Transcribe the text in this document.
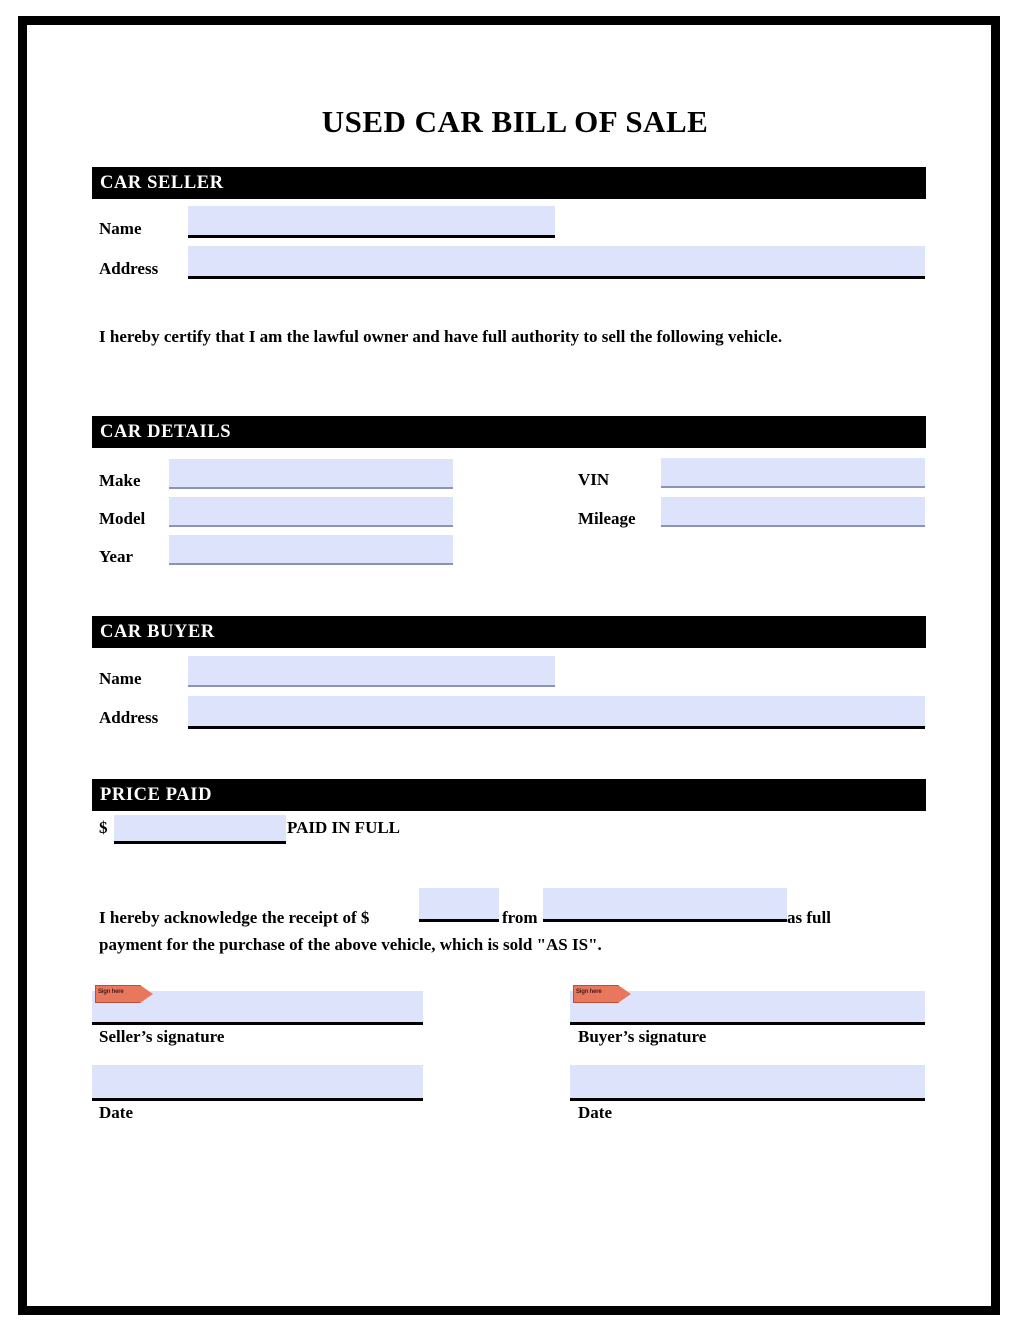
USED CAR BILL OF SALE
CAR SELLER
Name
Address
I hereby certify that I am the lawful owner and have full authority to sell the following vehicle.
CAR DETAILS
Make
Model
Year
VIN
Mileage
CAR BUYER
Name
Address
PRICE PAID
$	PAID IN FULL
I hereby acknowledge the receipt of $	from	as full
payment for the purchase of the above vehicle, which is sold "AS IS".
Sign here
Seller’s signature
Date
Sign here
Buyer’s signature
Date
